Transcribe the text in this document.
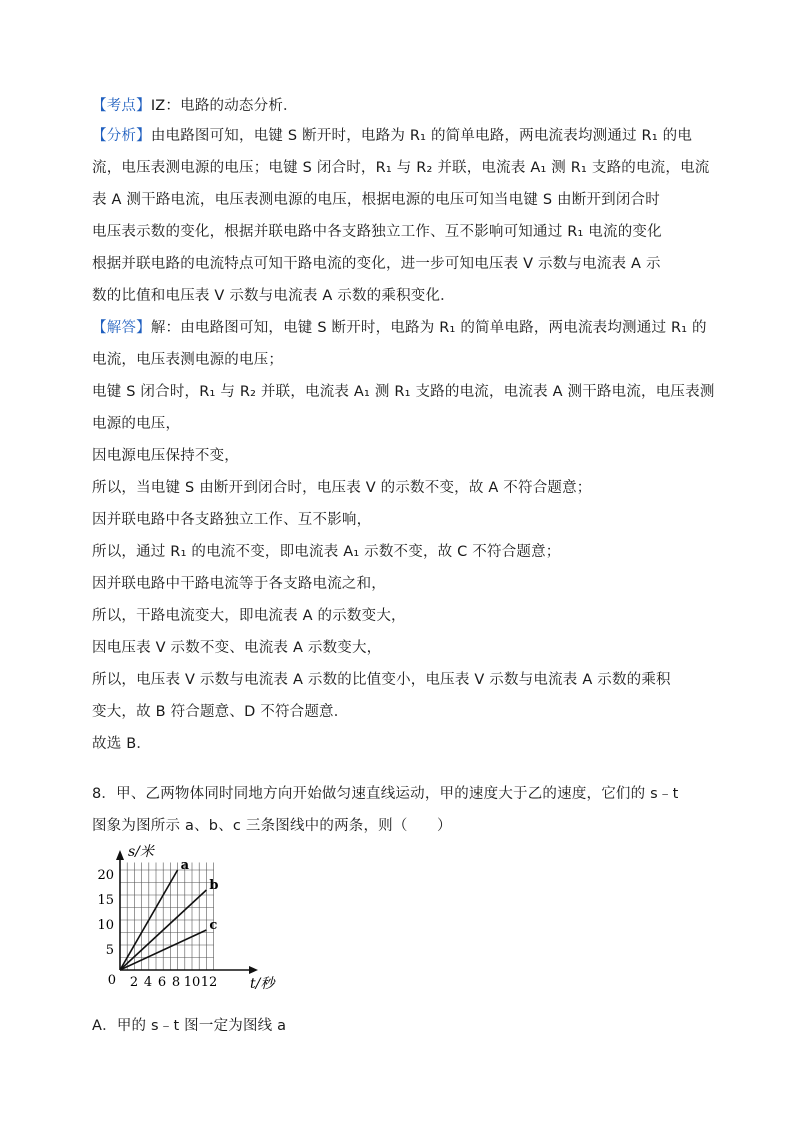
【考点】IZ：电路的动态分析．
【分析】由电路图可知，电键 S 断开时，电路为 R₁ 的简单电路，两电流表均测通过 R₁ 的电
流，电压表测电源的电压；电键 S 闭合时，R₁ 与 R₂ 并联，电流表 A₁ 测 R₁ 支路的电流，电流
表 A 测干路电流，电压表测电源的电压，根据电源的电压可知当电键 S 由断开到闭合时
电压表示数的变化，根据并联电路中各支路独立工作、互不影响可知通过 R₁ 电流的变化
根据并联电路的电流特点可知干路电流的变化，进一步可知电压表 V 示数与电流表 A 示
数的比值和电压表 V 示数与电流表 A 示数的乘积变化．
【解答】解：由电路图可知，电键 S 断开时，电路为 R₁ 的简单电路，两电流表均测通过 R₁ 的
电流，电压表测电源的电压；
电键 S 闭合时，R₁ 与 R₂ 并联，电流表 A₁ 测 R₁ 支路的电流，电流表 A 测干路电流，电压表测
电源的电压，
因电源电压保持不变，
所以，当电键 S 由断开到闭合时，电压表 V 的示数不变，故 A 不符合题意；
因并联电路中各支路独立工作、互不影响，
所以，通过 R₁ 的电流不变，即电流表 A₁ 示数不变，故 C 不符合题意；
因并联电路中干路电流等于各支路电流之和，
所以，干路电流变大，即电流表 A 的示数变大，
因电压表 V 示数不变、电流表 A 示数变大，
所以，电压表 V 示数与电流表 A 示数的比值变小，电压表 V 示数与电流表 A 示数的乘积
变大，故 B 符合题意、D 不符合题意．
故选 B．
8．甲、乙两物体同时同地方向开始做匀速直线运动，甲的速度大于乙的速度，它们的 s﹣t
图象为图所示 a、b、c 三条图线中的两条，则（　　）
5
10
15
20
2 4 6 8 10 12
0
s/米
t/秒
a
b
c
A．甲的 s﹣t 图一定为图线 a
